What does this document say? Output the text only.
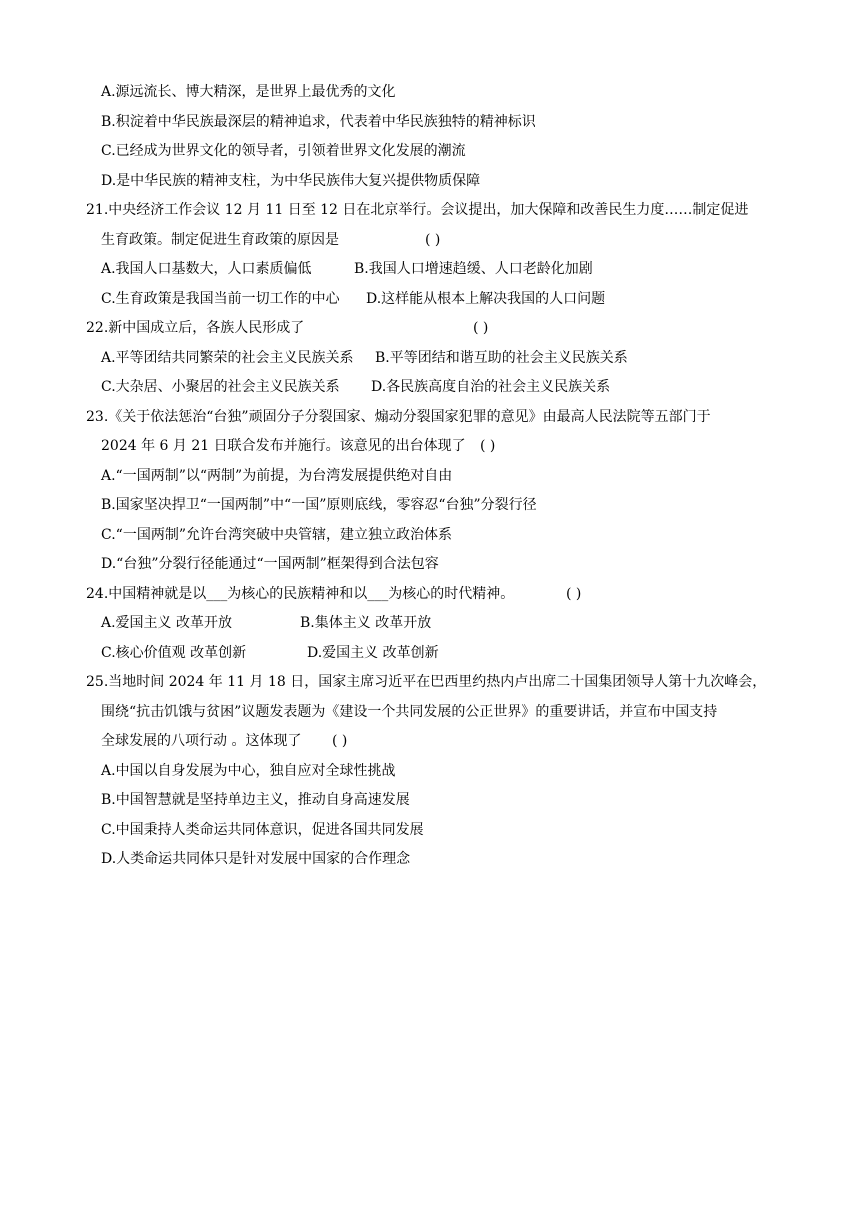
A.源远流长、博大精深，是世界上最优秀的文化
B.积淀着中华民族最深层的精神追求，代表着中华民族独特的精神标识
C.已经成为世界文化的领导者，引领着世界文化发展的潮流
D.是中华民族的精神支柱，为中华民族伟大复兴提供物质保障
21.中央经济工作会议 12 月 11 日至 12 日在北京举行。会议提出，加大保障和改善民生力度……制定促进
生育政策。制定促进生育政策的原因是	( )
A.我国人口基数大，人口素质偏低	B.我国人口增速趋缓、人口老龄化加剧
C.生育政策是我国当前一切工作的中心 D.这样能从根本上解决我国的人口问题
22.新中国成立后，各族人民形成了	( )
A.平等团结共同繁荣的社会主义民族关系 B.平等团结和谐互助的社会主义民族关系
C.大杂居、小聚居的社会主义民族关系 D.各民族高度自治的社会主义民族关系
23.《关于依法惩治“台独”顽固分子分裂国家、煽动分裂国家犯罪的意见》由最高人民法院等五部门于
2024 年 6 月 21 日联合发布并施行。该意见的出台体现了 ( )
A.“一国两制”以“两制”为前提，为台湾发展提供绝对自由
B.国家坚决捍卫“一国两制”中“一国”原则底线，零容忍“台独”分裂行径
C.“一国两制”允许台湾突破中央管辖，建立独立政治体系
D.“台独”分裂行径能通过“一国两制”框架得到合法包容
24.中国精神就是以___为核心的民族精神和以___为核心的时代精神。	( )
A.爱国主义 改革开放	B.集体主义 改革开放
C.核心价值观 改革创新	D.爱国主义 改革创新
25.当地时间 2024 年 11 月 18 日，国家主席习近平在巴西里约热内卢出席二十国集团领导人第十九次峰会，
围绕“抗击饥饿与贫困”议题发表题为《建设一个共同发展的公正世界》的重要讲话，并宣布中国支持
全球发展的八项行动 。这体现了 ( )
A.中国以自身发展为中心，独自应对全球性挑战
B.中国智慧就是坚持单边主义，推动自身高速发展
C.中国秉持人类命运共同体意识，促进各国共同发展
D.人类命运共同体只是针对发展中国家的合作理念
